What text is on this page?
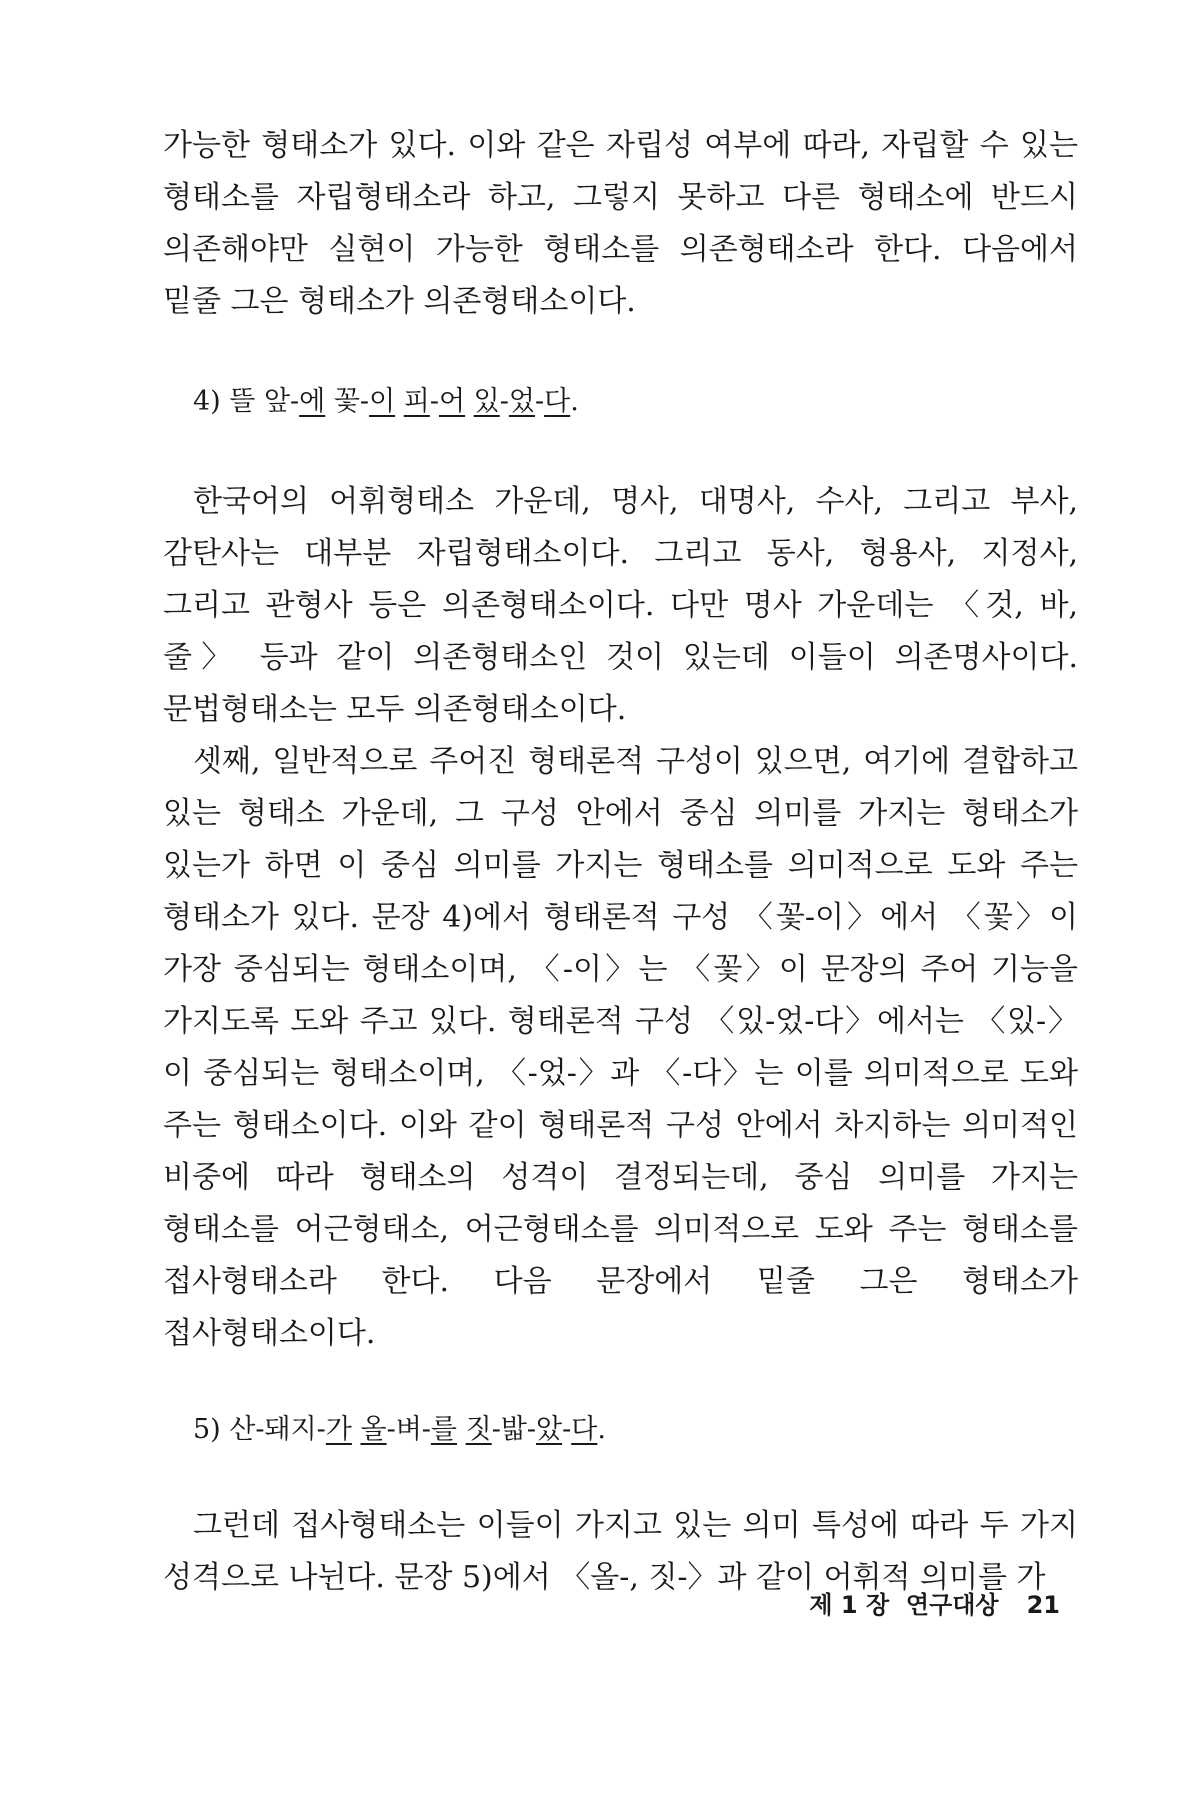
가능한 형태소가 있다. 이와 같은 자립성 여부에 따라, 자립할 수 있는 형태소를 자립형태소라 하고, 그렇지 못하고 다른 형태소에 반드시 의존해야만 실현이 가능한 형태소를 의존형태소라 한다. 다음에서 밑줄 그은 형태소가 의존형태소이다.

4) 뜰 앞-에 꽃-이 피-어 있-었-다.

한국어의 어휘형태소 가운데, 명사, 대명사, 수사, 그리고 부사, 감탄사는 대부분 자립형태소이다. 그리고 동사, 형용사, 지정사, 그리고 관형사 등은 의존형태소이다. 다만 명사 가운데는 〈것, 바, 줄〉 등과 같이 의존형태소인 것이 있는데 이들이 의존명사이다. 문법형태소는 모두 의존형태소이다.

셋째, 일반적으로 주어진 형태론적 구성이 있으면, 여기에 결합하고 있는 형태소 가운데, 그 구성 안에서 중심 의미를 가지는 형태소가 있는가 하면 이 중심 의미를 가지는 형태소를 의미적으로 도와 주는 형태소가 있다. 문장 4)에서 형태론적 구성 〈꽃-이〉에서 〈꽃〉이 가장 중심되는 형태소이며, 〈-이〉는 〈꽃〉이 문장의 주어 기능을 가지도록 도와 주고 있다. 형태론적 구성 〈있-었-다〉에서는 〈있-〉이 중심되는 형태소이며, 〈-었-〉과 〈-다〉는 이를 의미적으로 도와 주는 형태소이다. 이와 같이 형태론적 구성 안에서 차지하는 의미적인 비중에 따라 형태소의 성격이 결정되는데, 중심 의미를 가지는 형태소를 어근형태소, 어근형태소를 의미적으로 도와 주는 형태소를 접사형태소라 한다. 다음 문장에서 밑줄 그은 형태소가 접사형태소이다.

5) 산-돼지-가 올-벼-를 짓-밟-았-다.

그런데 접사형태소는 이들이 가지고 있는 의미 특성에 따라 두 가지 성격으로 나뉜다. 문장 5)에서 〈올-, 짓-〉과 같이 어휘적 의미를 가

제 1 장  연구대상 21
